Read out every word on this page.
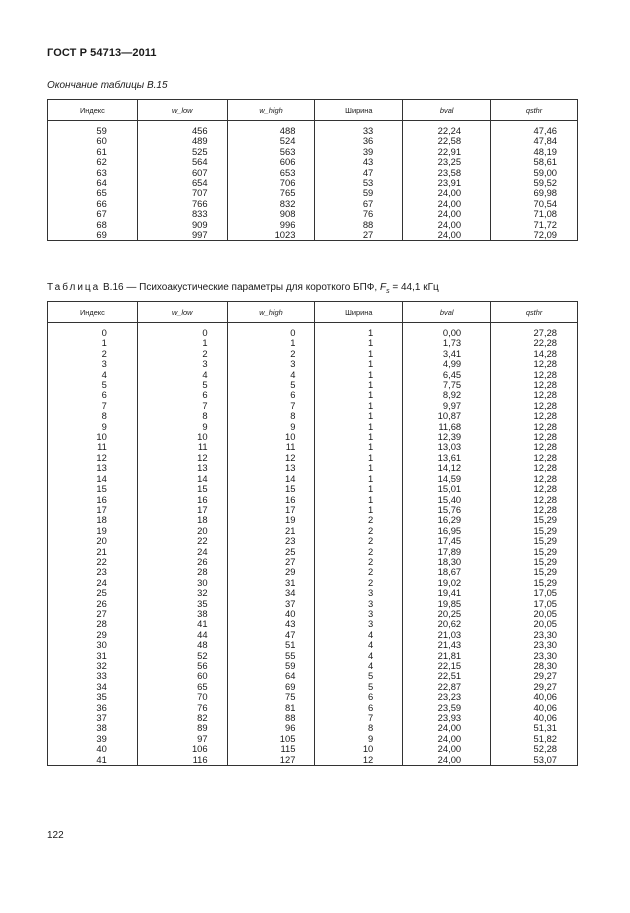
ГОСТ Р 54713—2011
Окончание таблицы В.15
Индекс	w_low	w_high	Ширина	bval	qsthr

59	456	488	33	22,24	47,46
60	489	524	36	22,58	47,84
61	525	563	39	22,91	48,19
62	564	606	43	23,25	58,61
63	607	653	47	23,58	59,00
64	654	706	53	23,91	59,52
65	707	765	59	24,00	69,98
66	766	832	67	24,00	70,54
67	833	908	76	24,00	71,08
68	909	996	88	24,00	71,72
69	997	1023	27	24,00	72,09
Таблица В.16 — Психоакустические параметры для короткого БПФ, $F_s = 44,1$ кГц
Индекс	w_low	w_high	Ширина	bval	qsthr

0	0	0	1	0,00	27,28
1	1	1	1	1,73	22,28
2	2	2	1	3,41	14,28
3	3	3	1	4,99	12,28
4	4	4	1	6,45	12,28
5	5	5	1	7,75	12,28
6	6	6	1	8,92	12,28
7	7	7	1	9,97	12,28
8	8	8	1	10,87	12,28
9	9	9	1	11,68	12,28
10	10	10	1	12,39	12,28
11	11	11	1	13,03	12,28
12	12	12	1	13,61	12,28
13	13	13	1	14,12	12,28
14	14	14	1	14,59	12,28
15	15	15	1	15,01	12,28
16	16	16	1	15,40	12,28
17	17	17	1	15,76	12,28
18	18	19	2	16,29	15,29
19	20	21	2	16,95	15,29
20	22	23	2	17,45	15,29
21	24	25	2	17,89	15,29
22	26	27	2	18,30	15,29
23	28	29	2	18,67	15,29
24	30	31	2	19,02	15,29
25	32	34	3	19,41	17,05
26	35	37	3	19,85	17,05
27	38	40	3	20,25	20,05
28	41	43	3	20,62	20,05
29	44	47	4	21,03	23,30
30	48	51	4	21,43	23,30
31	52	55	4	21,81	23,30
32	56	59	4	22,15	28,30
33	60	64	5	22,51	29,27
34	65	69	5	22,87	29,27
35	70	75	6	23,23	40,06
36	76	81	6	23,59	40,06
37	82	88	7	23,93	40,06
38	89	96	8	24,00	51,31
39	97	105	9	24,00	51,82
40	106	115	10	24,00	52,28
41	116	127	12	24,00	53,07
122
